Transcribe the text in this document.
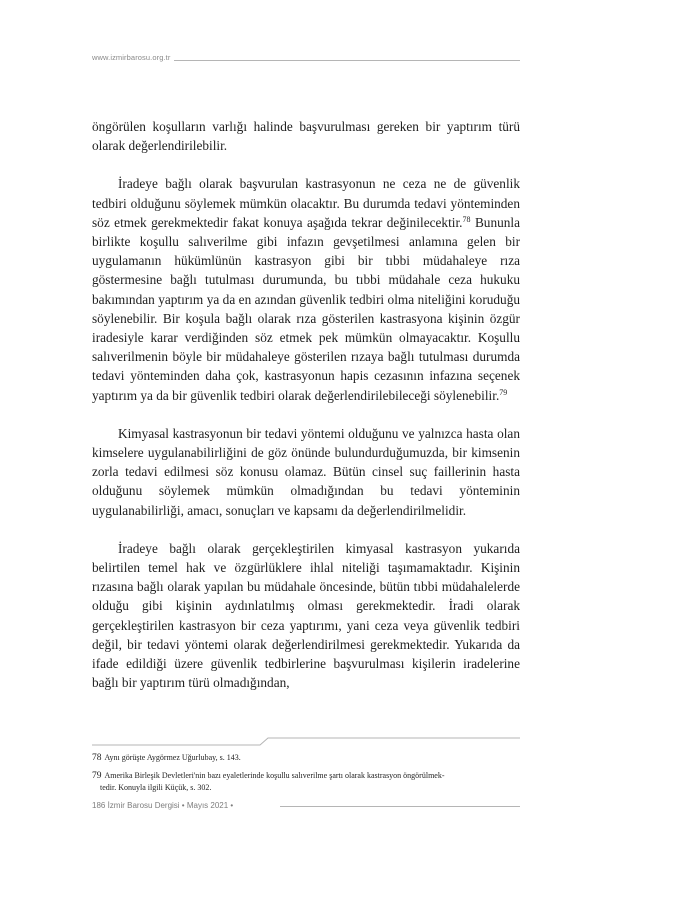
www.izmirbarosu.org.tr

öngörülen koşulların varlığı halinde başvurulması gereken bir yaptırım türü olarak değerlendirilebilir.

İradeye bağlı olarak başvurulan kastrasyonun ne ceza ne de güvenlik tedbiri olduğunu söylemek mümkün olacaktır. Bu durumda tedavi yönteminden söz etmek gerekmektedir fakat konuya aşağıda tekrar değinilecektir.$^{78}$ Bununla birlikte koşullu salıverilme gibi infazın gevşetilmesi anlamına gelen bir uygulamanın hükümlünün kastrasyon gibi bir tıbbi müdahaleye rıza göstermesine bağlı tutulması durumunda, bu tıbbi müdahale ceza hukuku bakımından yaptırım ya da en azından güvenlik tedbiri olma niteliğini koruduğu söylenebilir. Bir koşula bağlı olarak rıza gösterilen kastrasyona kişinin özgür iradesiyle karar verdiğinden söz etmek pek mümkün olmayacaktır. Koşullu salıverilmenin böyle bir müdahaleye gösterilen rızaya bağlı tutulması durumda tedavi yönteminden daha çok, kastrasyonun hapis cezasının infazına seçenek yaptırım ya da bir güvenlik tedbiri olarak değerlendirilebileceği söylenebilir.$^{79}$

Kimyasal kastrasyonun bir tedavi yöntemi olduğunu ve yalnızca hasta olan kimselere uygulanabilirliğini de göz önünde bulundurduğumuzda, bir kimsenin zorla tedavi edilmesi söz konusu olamaz. Bütün cinsel suç faillerinin hasta olduğunu söylemek mümkün olmadığından bu tedavi yönteminin uygulanabilirliği, amacı, sonuçları ve kapsamı da değerlendirilmelidir.

İradeye bağlı olarak gerçekleştirilen kimyasal kastrasyon yukarıda belirtilen temel hak ve özgürlüklere ihlal niteliği taşımamaktadır. Kişinin rızasına bağlı olarak yapılan bu müdahale öncesinde, bütün tıbbi müdahalelerde olduğu gibi kişinin aydınlatılmış olması gerekmektedir. İradi olarak gerçekleştirilen kastrasyon bir ceza yaptırımı, yani ceza veya güvenlik tedbiri değil, bir tedavi yöntemi olarak değerlendirilmesi gerekmektedir. Yukarıda da ifade edildiği üzere güvenlik tedbirlerine başvurulması kişilerin iradelerine bağlı bir yaptırım türü olmadığından,

78 Aynı görüşte Aygörmez Uğurlubay, s. 143.
79 Amerika Birleşik Devletleri'nin bazı eyaletlerinde koşullu salıverilme şartı olarak kastrasyon öngörülmek-
tedir. Konuyla ilgili Küçük, s. 302.
186 İzmir Barosu Dergisi • Mayıs 2021 •
